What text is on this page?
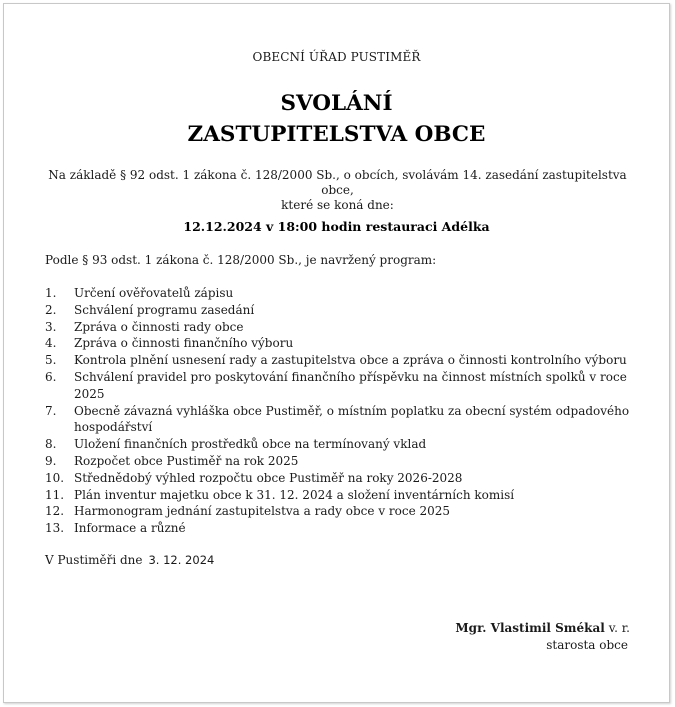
OBECNÍ ÚŘAD PUSTIMĚŘ
SVOLÁNÍ
ZASTUPITELSTVA OBCE
Na základě § 92 odst. 1 zákona č. 128/2000 Sb., o obcích, svolávám 14. zasedání zastupitelstva obce,
které se koná dne:
12.12.2024 v 18:00 hodin restauraci Adélka
Podle § 93 odst. 1 zákona č. 128/2000 Sb., je navržený program:
1.	Určení ověřovatelů zápisu
2.	Schválení programu zasedání
3.	Zpráva o činnosti rady obce
4.	Zpráva o činnosti finančního výboru
5.	Kontrola plnění usnesení rady a zastupitelstva obce a zpráva o činnosti kontrolního výboru
6.	Schválení pravidel pro poskytování finančního příspěvku na činnost místních spolků v roce 2025
7.	Obecně závazná vyhláška obce Pustiměř, o místním poplatku za obecní systém odpadového hospodářství
8.	Uložení finančních prostředků obce na termínovaný vklad
9.	Rozpočet obce Pustiměř na rok 2025
10. Střednědobý výhled rozpočtu obce Pustiměř na roky 2026-2028
11. Plán inventur majetku obce k 31. 12. 2024 a složení inventárních komisí
12. Harmonogram jednání zastupitelstva a rady obce v roce 2025
13. Informace a různé
V Pustiměři dne 3. 12. 2024
Mgr. Vlastimil Smékal v. r.
starosta obce
